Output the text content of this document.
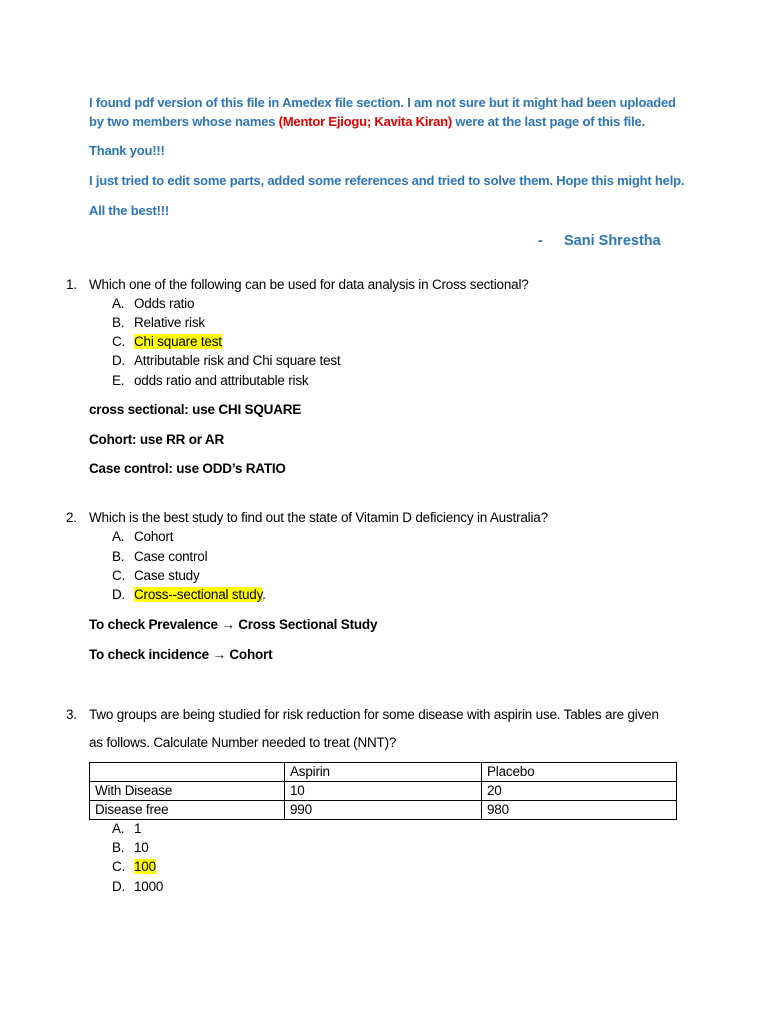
I found pdf version of this file in Amedex file section. I am not sure but it might had been uploaded
by two members whose names (Mentor Ejiogu; Kavita Kiran) were at the last page of this file.
Thank you!!!
I just tried to edit some parts, added some references and tried to solve them. Hope this might help.
All the best!!!
- Sani Shrestha
1. Which one of the following can be used for data analysis in Cross sectional?
A. Odds ratio
B. Relative risk
C. Chi square test
D. Attributable risk and Chi square test
E. odds ratio and attributable risk
cross sectional: use CHI SQUARE
Cohort: use RR or AR
Case control: use ODD’s RATIO
2. Which is the best study to find out the state of Vitamin D deficiency in Australia?
A. Cohort
B. Case control
C. Case study
D. Cross--sectional study.
To check Prevalence → Cross Sectional Study
To check incidence → Cohort
3. Two groups are being studied for risk reduction for some disease with aspirin use. Tables are given
as follows. Calculate Number needed to treat (NNT)?
	Aspirin	Placebo
With Disease	10	20
Disease free	990	980
A. 1
B. 10
C. 100
D. 1000
